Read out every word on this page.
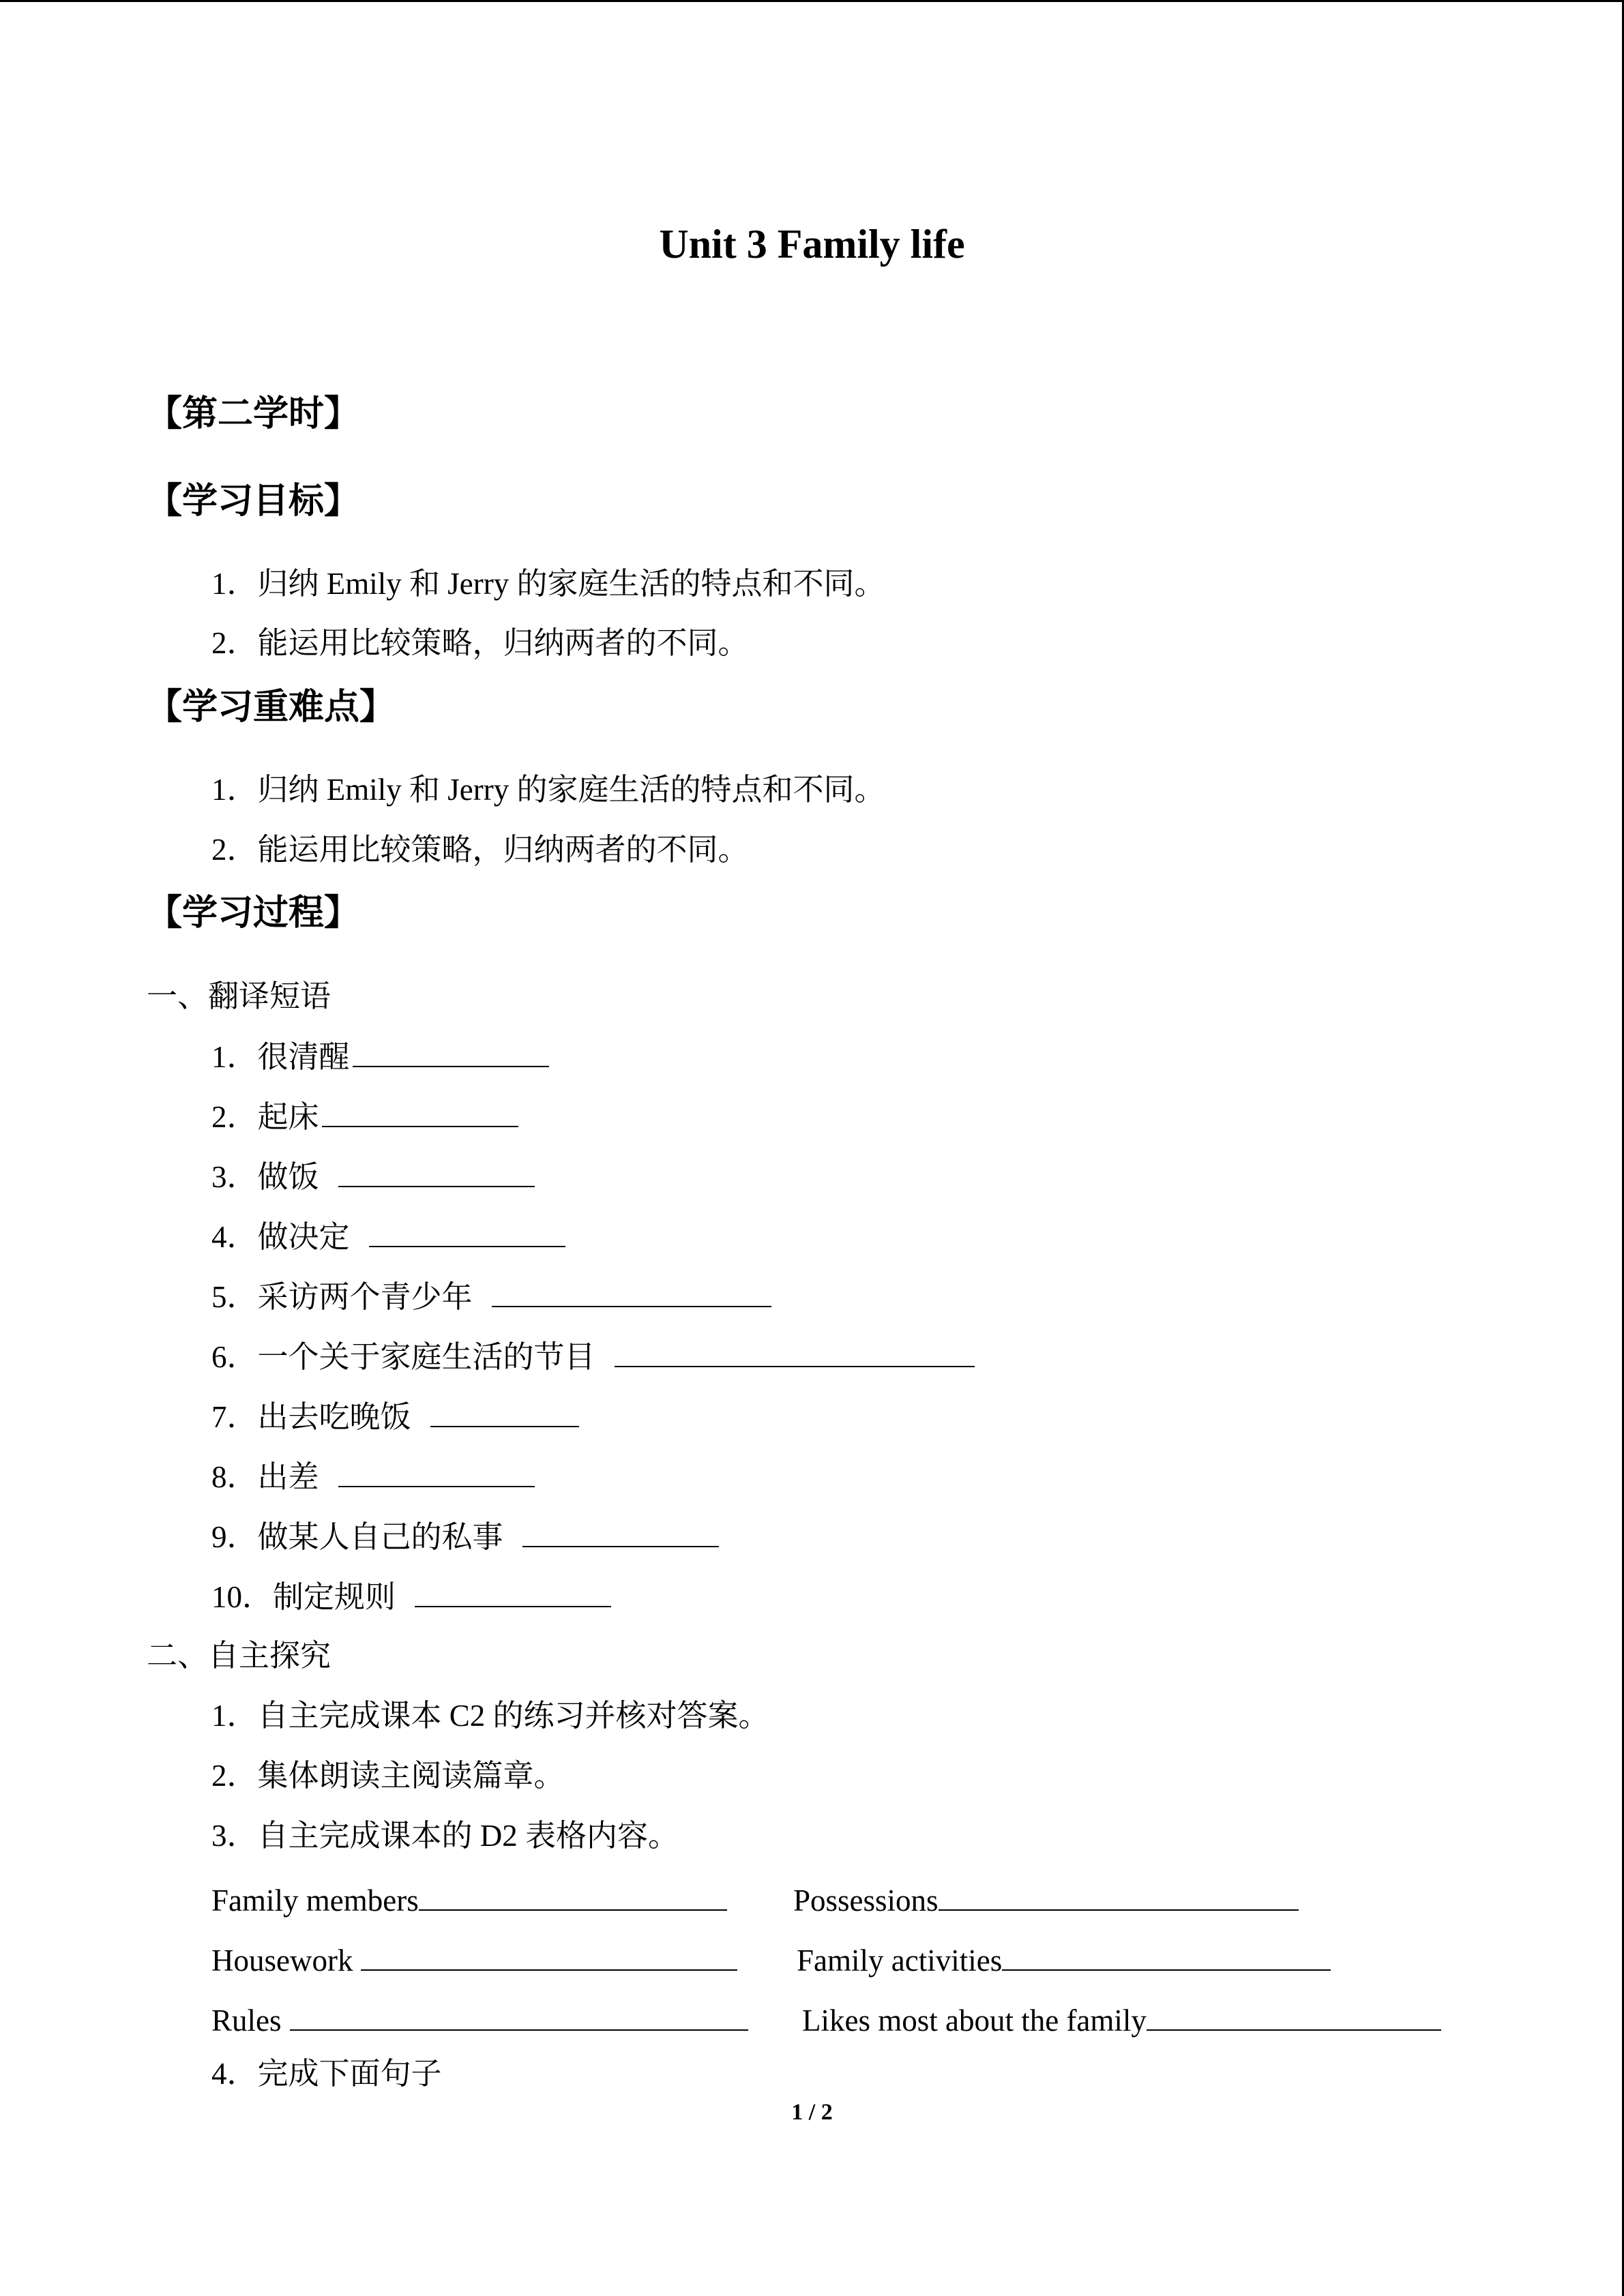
Unit 3 Family life
【第二学时】
【学习目标】
1．归纳 Emily 和 Jerry 的家庭生活的特点和不同。
2．能运用比较策略，归纳两者的不同。
【学习重难点】
1．归纳 Emily 和 Jerry 的家庭生活的特点和不同。
2．能运用比较策略，归纳两者的不同。
【学习过程】
一、翻译短语
1．很清醒
2．起床
3．做饭
4．做决定
5．采访两个青少年
6．一个关于家庭生活的节目
7．出去吃晚饭
8．出差
9．做某人自己的私事
10．制定规则
二、自主探究
1．自主完成课本 C2 的练习并核对答案。
2．集体朗读主阅读篇章。
3．自主完成课本的 D2 表格内容。
Family members	Possessions
Housework	Family activities
Rules	Likes most about the family
4．完成下面句子
1 / 2
